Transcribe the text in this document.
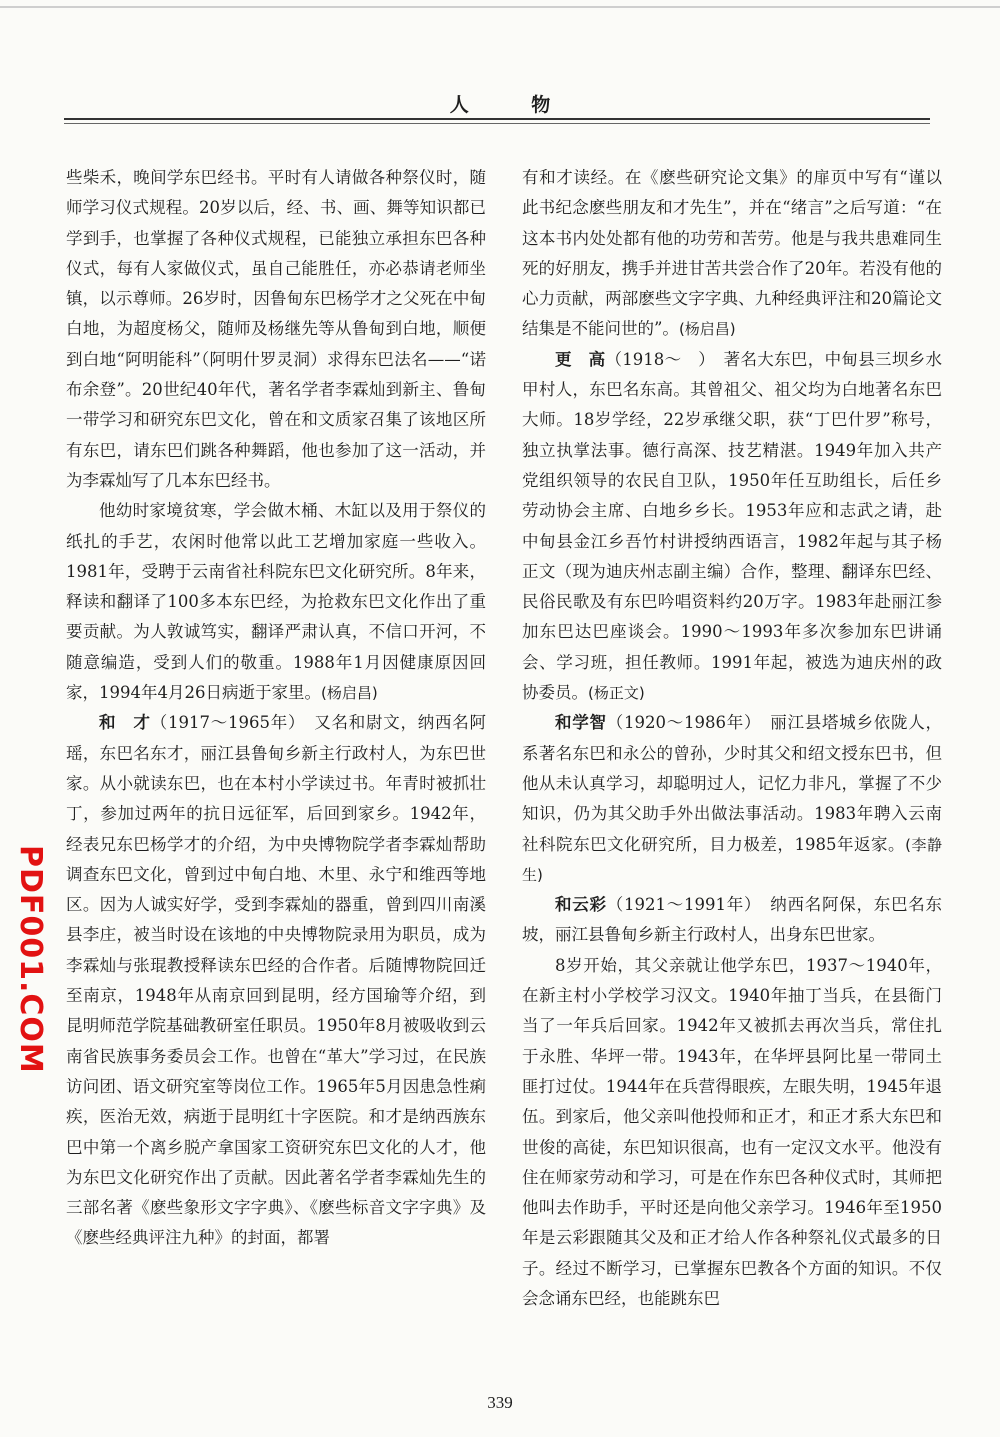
人 物

些柴禾，晚间学东巴经书。平时有人请做各种祭仪时，随师学习仪式规程。20岁以后，经、书、画、舞等知识都已学到手，也掌握了各种仪式规程，已能独立承担东巴各种仪式，每有人家做仪式，虽自己能胜任，亦必恭请老师坐镇，以示尊师。26岁时，因鲁甸东巴杨学才之父死在中甸白地，为超度杨父，随师及杨继先等从鲁甸到白地，顺便到白地“阿明能科”（阿明什罗灵洞）求得东巴法名——“诺布余登”。20世纪40年代，著名学者李霖灿到新主、鲁甸一带学习和研究东巴文化，曾在和文质家召集了该地区所有东巴，请东巴们跳各种舞蹈，他也参加了这一活动，并为李霖灿写了几本东巴经书。

他幼时家境贫寒，学会做木桶、木缸以及用于祭仪的纸扎的手艺，农闲时他常以此工艺增加家庭一些收入。1981年，受聘于云南省社科院东巴文化研究所。8年来，释读和翻译了100多本东巴经，为抢救东巴文化作出了重要贡献。为人敦诚笃实，翻译严肃认真，不信口开河，不随意编造，受到人们的敬重。1988年1月因健康原因回家，1994年4月26日病逝于家里。(杨启昌)

和　才（1917～1965年）　又名和尉文，纳西名阿瑶，东巴名东才，丽江县鲁甸乡新主行政村人，为东巴世家。从小就读东巴，也在本村小学读过书。年青时被抓壮丁，参加过两年的抗日远征军，后回到家乡。1942年，经表兄东巴杨学才的介绍，为中央博物院学者李霖灿帮助调查东巴文化，曾到过中甸白地、木里、永宁和维西等地区。因为人诚实好学，受到李霖灿的器重，曾到四川南溪县李庄，被当时设在该地的中央博物院录用为职员，成为李霖灿与张琨教授释读东巴经的合作者。后随博物院回迁至南京，1948年从南京回到昆明，经方国瑜等介绍，到昆明师范学院基础教研室任职员。1950年8月被吸收到云南省民族事务委员会工作。也曾在“革大”学习过，在民族访问团、语文研究室等岗位工作。1965年5月因患急性痢疾，医治无效，病逝于昆明红十字医院。和才是纳西族东巴中第一个离乡脱产拿国家工资研究东巴文化的人才，他为东巴文化研究作出了贡献。因此著名学者李霖灿先生的三部名著《麽些象形文字字典》、《麽些标音文字字典》及《麽些经典评注九种》的封面，都署

有和才读经。在《麽些研究论文集》的扉页中写有“谨以此书纪念麽些朋友和才先生”，并在“绪言”之后写道：“在这本书内处处都有他的功劳和苦劳。他是与我共患难同生死的好朋友，携手并进甘苦共尝合作了20年。若没有他的心力贡献，两部麽些文字字典、九种经典评注和20篇论文结集是不能问世的”。(杨启昌)

更　高（1918～　）　著名大东巴，中甸县三坝乡水甲村人，东巴名东高。其曾祖父、祖父均为白地著名东巴大师。18岁学经，22岁承继父职，获“丁巴什罗”称号，独立执掌法事。德行高深、技艺精湛。1949年加入共产党组织领导的农民自卫队，1950年任互助组长，后任乡劳动协会主席、白地乡乡长。1953年应和志武之请，赴中甸县金江乡吾竹村讲授纳西语言，1982年起与其子杨正文（现为迪庆州志副主编）合作，整理、翻译东巴经、民俗民歌及有东巴吟唱资料约20万字。1983年赴丽江参加东巴达巴座谈会。1990～1993年多次参加东巴讲诵会、学习班，担任教师。1991年起，被选为迪庆州的政协委员。(杨正文)

和学智（1920～1986年）　丽江县塔城乡依陇人，系著名东巴和永公的曾孙，少时其父和绍文授东巴书，但他从未认真学习，却聪明过人，记忆力非凡，掌握了不少知识，仍为其父助手外出做法事活动。1983年聘入云南社科院东巴文化研究所，目力极差，1985年返家。(李静生)

和云彩（1921～1991年）　纳西名阿保，东巴名东坡，丽江县鲁甸乡新主行政村人，出身东巴世家。

8岁开始，其父亲就让他学东巴，1937～1940年，在新主村小学校学习汉文。1940年抽丁当兵，在县衙门当了一年兵后回家。1942年又被抓去再次当兵，常住扎于永胜、华坪一带。1943年，在华坪县阿比星一带同土匪打过仗。1944年在兵营得眼疾，左眼失明，1945年退伍。到家后，他父亲叫他投师和正才，和正才系大东巴和世俊的高徒，东巴知识很高，也有一定汉文水平。他没有住在师家劳动和学习，可是在作东巴各种仪式时，其师把他叫去作助手，平时还是向他父亲学习。1946年至1950年是云彩跟随其父及和正才给人作各种祭礼仪式最多的日子。经过不断学习，已掌握东巴教各个方面的知识。不仅会念诵东巴经，也能跳东巴

339
PDF001.COM
